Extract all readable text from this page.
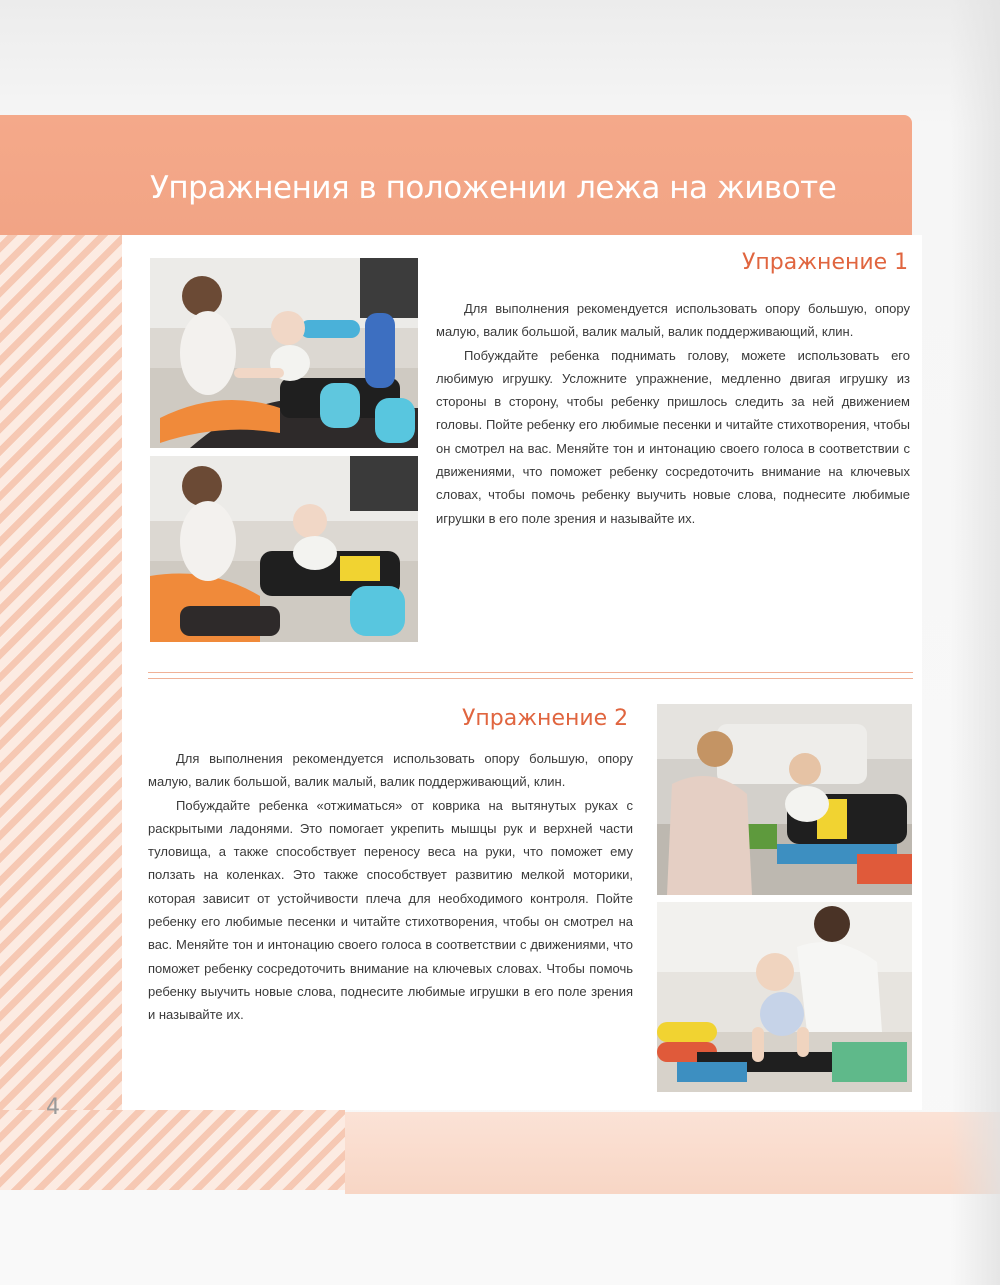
Упражнения в положении лежа на животе
Упражнение 1

Для выполнения рекомендуется использовать опору большую, опору малую, валик большой, валик малый, валик поддерживающий, клин.

Побуждайте ребенка поднимать голову, можете использовать его любимую игрушку. Усложните упражнение, медленно двигая игрушку из стороны в сторону, чтобы ребенку пришлось следить за ней движением головы. Пойте ребенку его любимые песенки и читайте стихотворения, чтобы он смотрел на вас. Меняйте тон и интонацию своего голоса в соответствии с движениями, что поможет ребенку сосредоточить внимание на ключевых словах, чтобы помочь ребенку выучить новые слова, поднесите любимые игрушки в его поле зрения и называйте их.

Упражнение 2

Для выполнения рекомендуется использовать опору большую, опору малую, валик большой, валик малый, валик поддерживающий, клин.

Побуждайте ребенка «отжиматься» от коврика на вытянутых руках с раскрытыми ладонями. Это помогает укрепить мышцы рук и верхней части туловища, а также способствует переносу веса на руки, что поможет ему ползать на коленках. Это также способствует развитию мелкой моторики, которая зависит от устойчивости плеча для необходимого контроля. Пойте ребенку его любимые песенки и читайте стихотворения, чтобы он смотрел на вас. Меняйте тон и интонацию своего голоса в соответствии с движениями, что поможет ребенку сосредоточить внимание на ключевых словах. Чтобы помочь ребенку выучить новые слова, поднесите любимые игрушки в его поле зрения и называйте их.

4
